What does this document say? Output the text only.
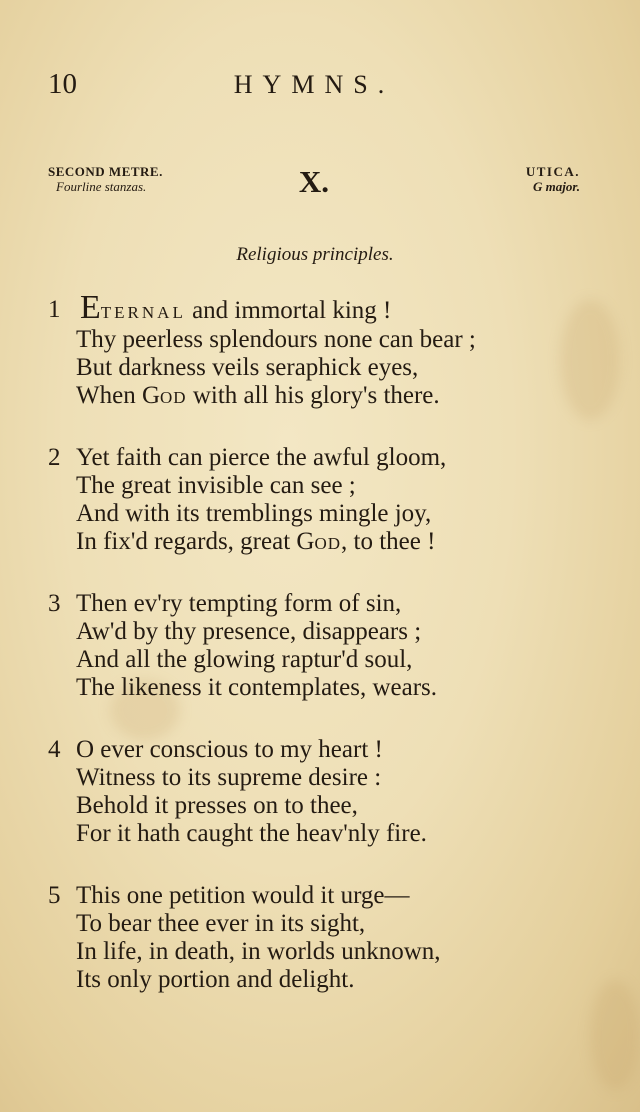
10	HYMNS.
SECOND METRE.
Fourline stanzas.	X.	UTICA.
G major.
Religious principles.
1 ETERNAL and immortal king !
Thy peerless splendours none can bear ;
But darkness veils seraphick eyes,
When GOD with all his glory's there.
2 Yet faith can pierce the awful gloom,
The great invisible can see ;
And with its tremblings mingle joy,
In fix'd regards, great GOD, to thee !
3 Then ev'ry tempting form of sin,
Aw'd by thy presence, disappears ;
And all the glowing raptur'd soul,
The likeness it contemplates, wears.
4 O ever conscious to my heart !
Witness to its supreme desire :
Behold it presses on to thee,
For it hath caught the heav'nly fire.
5 This one petition would it urge—
To bear thee ever in its sight,
In life, in death, in worlds unknown,
Its only portion and delight.
